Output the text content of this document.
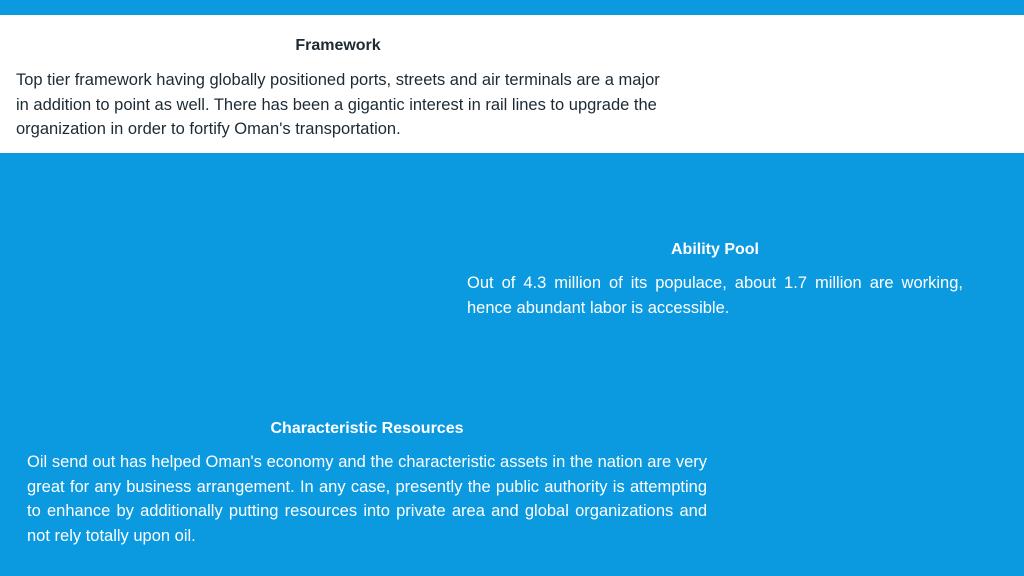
Framework

Top tier framework having globally positioned ports, streets and air terminals are a major in addition to point as well. There has been a gigantic interest in rail lines to upgrade the organization in order to fortify Oman's transportation.

Ability Pool

Out of 4.3 million of its populace, about 1.7 million are working, hence abundant labor is accessible.

Characteristic Resources

Oil send out has helped Oman's economy and the characteristic assets in the nation are very great for any business arrangement. In any case, presently the public authority is attempting to enhance by additionally putting resources into private area and global organizations and not rely totally upon oil.
